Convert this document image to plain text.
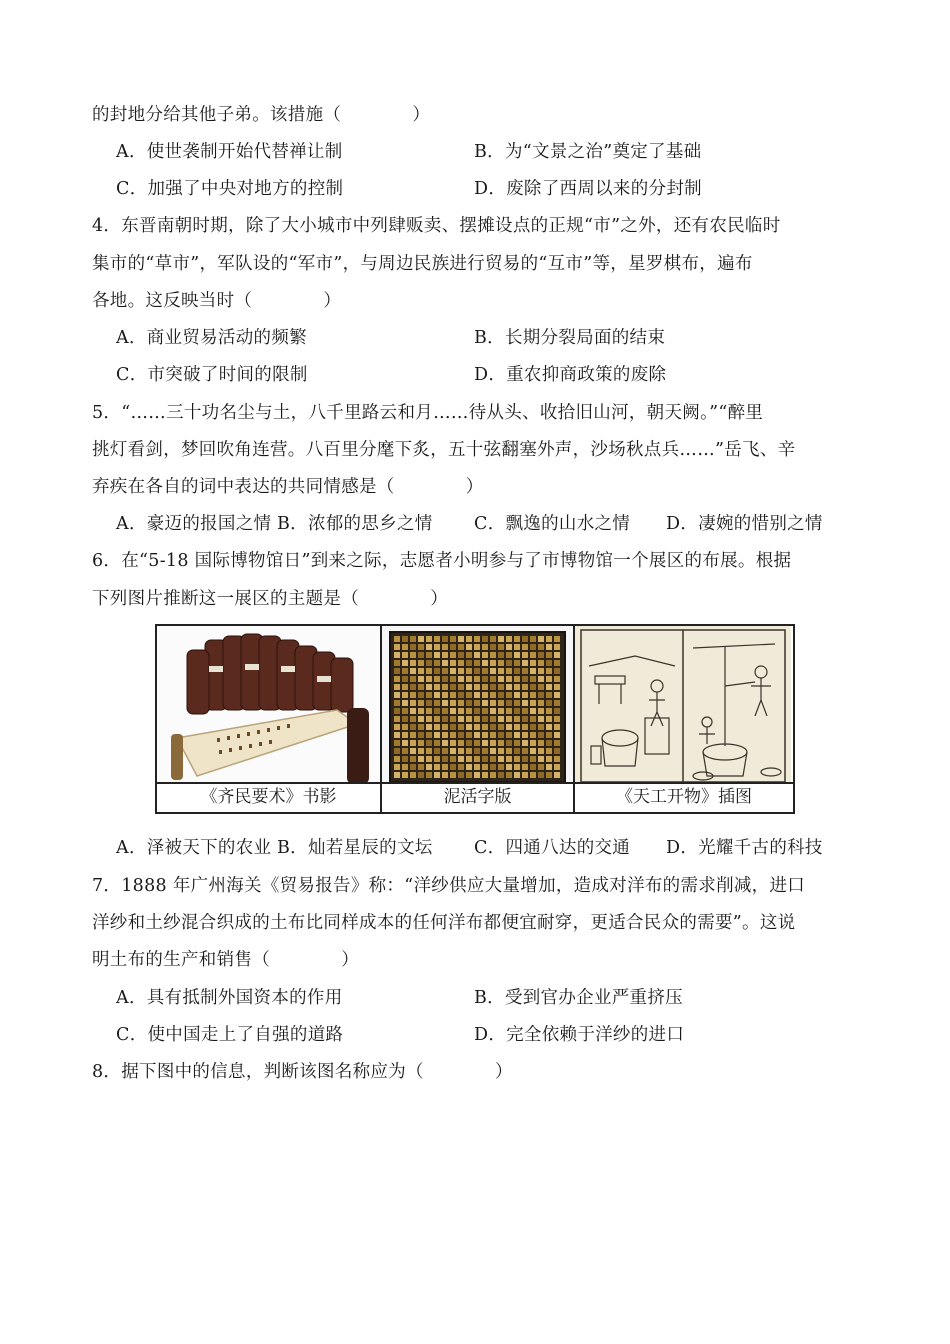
的封地分给其他子弟。该措施（　　　　）
A．使世袭制开始代替禅让制	B．为“文景之治”奠定了基础
C．加强了中央对地方的控制	D．废除了西周以来的分封制
4．东晋南朝时期，除了大小城市中列肆贩卖、摆摊设点的正规“市”之外，还有农民临时
集市的“草市”，军队设的“军市”，与周边民族进行贸易的“互市”等，星罗棋布，遍布
各地。这反映当时（　　　　）
A．商业贸易活动的频繁	B．长期分裂局面的结束
C．市突破了时间的限制	D．重农抑商政策的废除
5．“……三十功名尘与土，八千里路云和月……待从头、收拾旧山河，朝天阙。”“醉里
挑灯看剑，梦回吹角连营。八百里分麾下炙，五十弦翻塞外声，沙场秋点兵……”岳飞、辛
弃疾在各自的词中表达的共同情感是（　　　　）
A．豪迈的报国之情 B．浓郁的思乡之情 C．飘逸的山水之情 D．凄婉的惜别之情
6．在“5-18 国际博物馆日”到来之际，志愿者小明参与了市博物馆一个展区的布展。根据
下列图片推断这一展区的主题是（　　　　）
《齐民要术》书影	泥活字版	《天工开物》插图
A．泽被天下的农业 B．灿若星辰的文坛 C．四通八达的交通 D．光耀千古的科技
7．1888 年广州海关《贸易报告》称：“洋纱供应大量增加，造成对洋布的需求削减，进口
洋纱和土纱混合织成的土布比同样成本的任何洋布都便宜耐穿，更适合民众的需要”。这说
明土布的生产和销售（　　　　）
A．具有抵制外国资本的作用	B．受到官办企业严重挤压
C．使中国走上了自强的道路	D．完全依赖于洋纱的进口
8．据下图中的信息，判断该图名称应为（　　　　）
